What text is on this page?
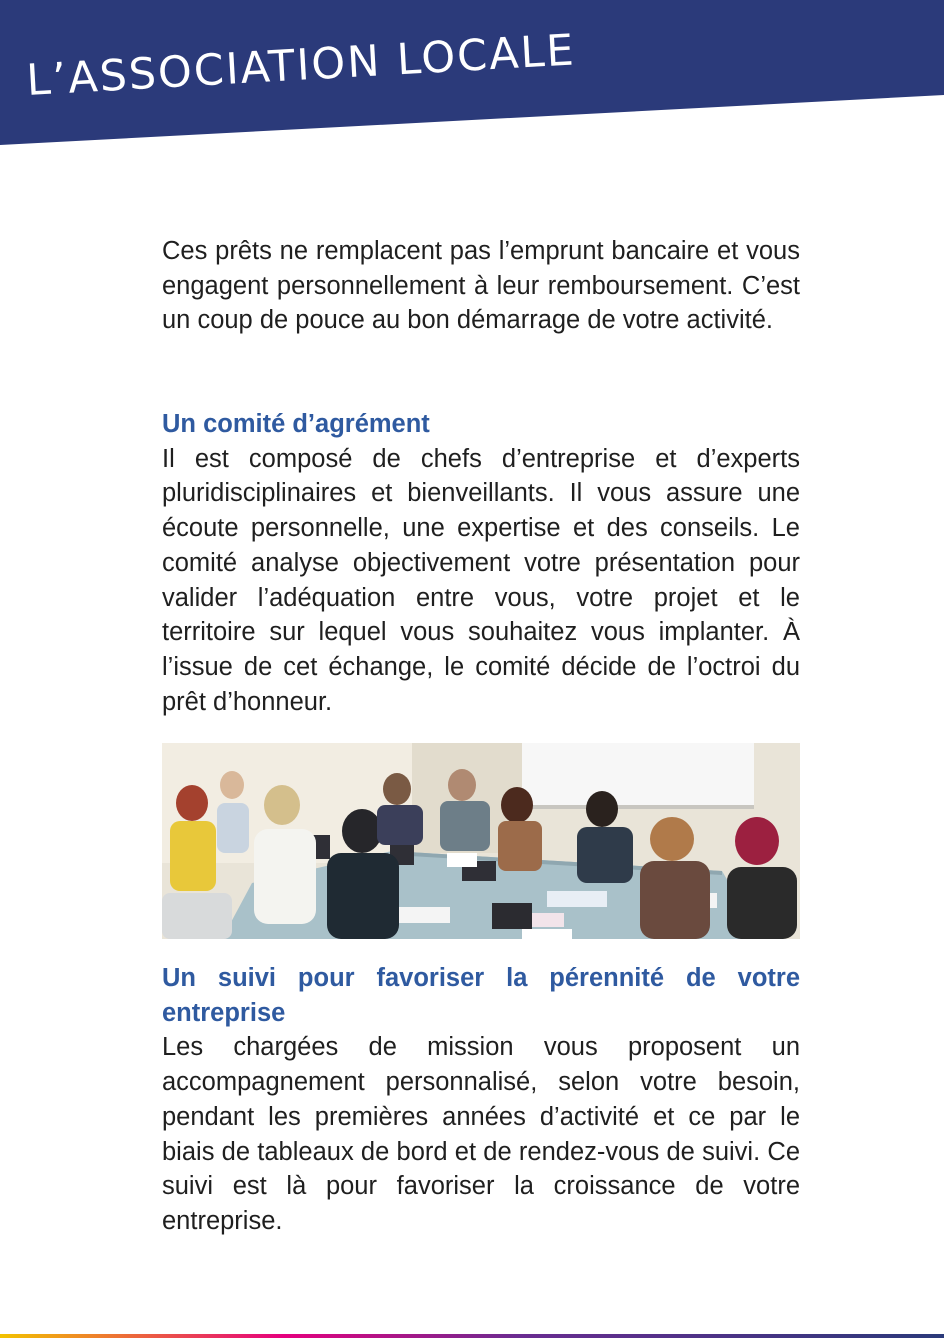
L’ASSOCIATION LOCALE

Ces prêts ne remplacent pas l’emprunt bancaire et vous engagent personnellement à leur remboursement. C’est un coup de pouce au bon démarrage de votre activité.

Un comité d’agrément

Il est composé de chefs d’entreprise et d’experts pluridisciplinaires et bienveillants. Il vous assure une écoute personnelle, une expertise et des conseils. Le comité analyse objectivement votre présentation pour valider l’adéquation entre vous, votre projet et le territoire sur lequel vous souhaitez vous implanter. À l’issue de cet échange, le comité décide de l’octroi du prêt d’honneur.

Un suivi pour favoriser la pérennité de votre entreprise

Les chargées de mission vous proposent un accompagnement personnalisé, selon votre besoin, pendant les premières années d’activité et ce par le biais de tableaux de bord et de rendez-vous de suivi. Ce suivi est là pour favoriser la croissance de votre entreprise.
